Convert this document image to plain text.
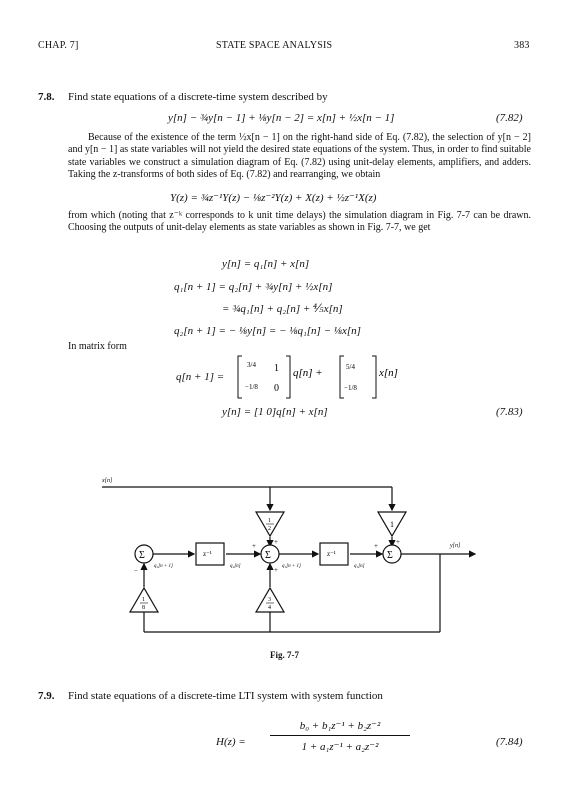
CHAP. 7]	STATE SPACE ANALYSIS	383
7.8. Find state equations of a discrete-time system described by
y[n] − ¾y[n − 1] + ⅛y[n − 2] = x[n] + ½x[n − 1]	(7.82)
Because of the existence of the term ½x[n − 1] on the right-hand side of Eq. (7.82), the selection of y[n − 2] and y[n − 1] as state variables will not yield the desired state equations of the system. Thus, in order to find suitable state variables we construct a simulation diagram of Eq. (7.82) using unit-delay elements, amplifiers, and adders. Taking the z-transforms of both sides of Eq. (7.82) and rearranging, we obtain
Y(z) = ¾z⁻¹Y(z) − ⅛z⁻²Y(z) + X(z) + ½z⁻¹X(z)
from which (noting that z⁻ᵏ corresponds to k unit time delays) the simulation diagram in Fig. 7-7 can be drawn. Choosing the outputs of unit-delay elements as state variables as shown in Fig. 7-7, we get
y[n] = q₁[n] + x[n]
q₁[n + 1] = q₂[n] + ¾y[n] + ½x[n]
= ¾q₁[n] + q₂[n] + ⅘x[n]
q₂[n + 1] = − ⅛y[n] = − ⅛q₁[n] − ⅛x[n]
In matrix form
q[n + 1] =
3/4 1
−1/8 0
q[n] +	5/4
−1/8
x[n]
y[n] = [1 0]q[n] + x[n]	(7.83)
Σ	Σ	Σ
z⁻¹	z⁻¹
1
2	1
1
8
3
4
x[n]
y[n]
q₂[n + 1]	q₂[n]	q₁[n + 1]	q₁[n]
+	+
+
+	+
−
Fig. 7-7
7.9. Find state equations of a discrete-time LTI system with system function
H(z) =
b₀ + b₁z⁻¹ + b₂z⁻²
1 + a₁z⁻¹ + a₂z⁻²	(7.84)
